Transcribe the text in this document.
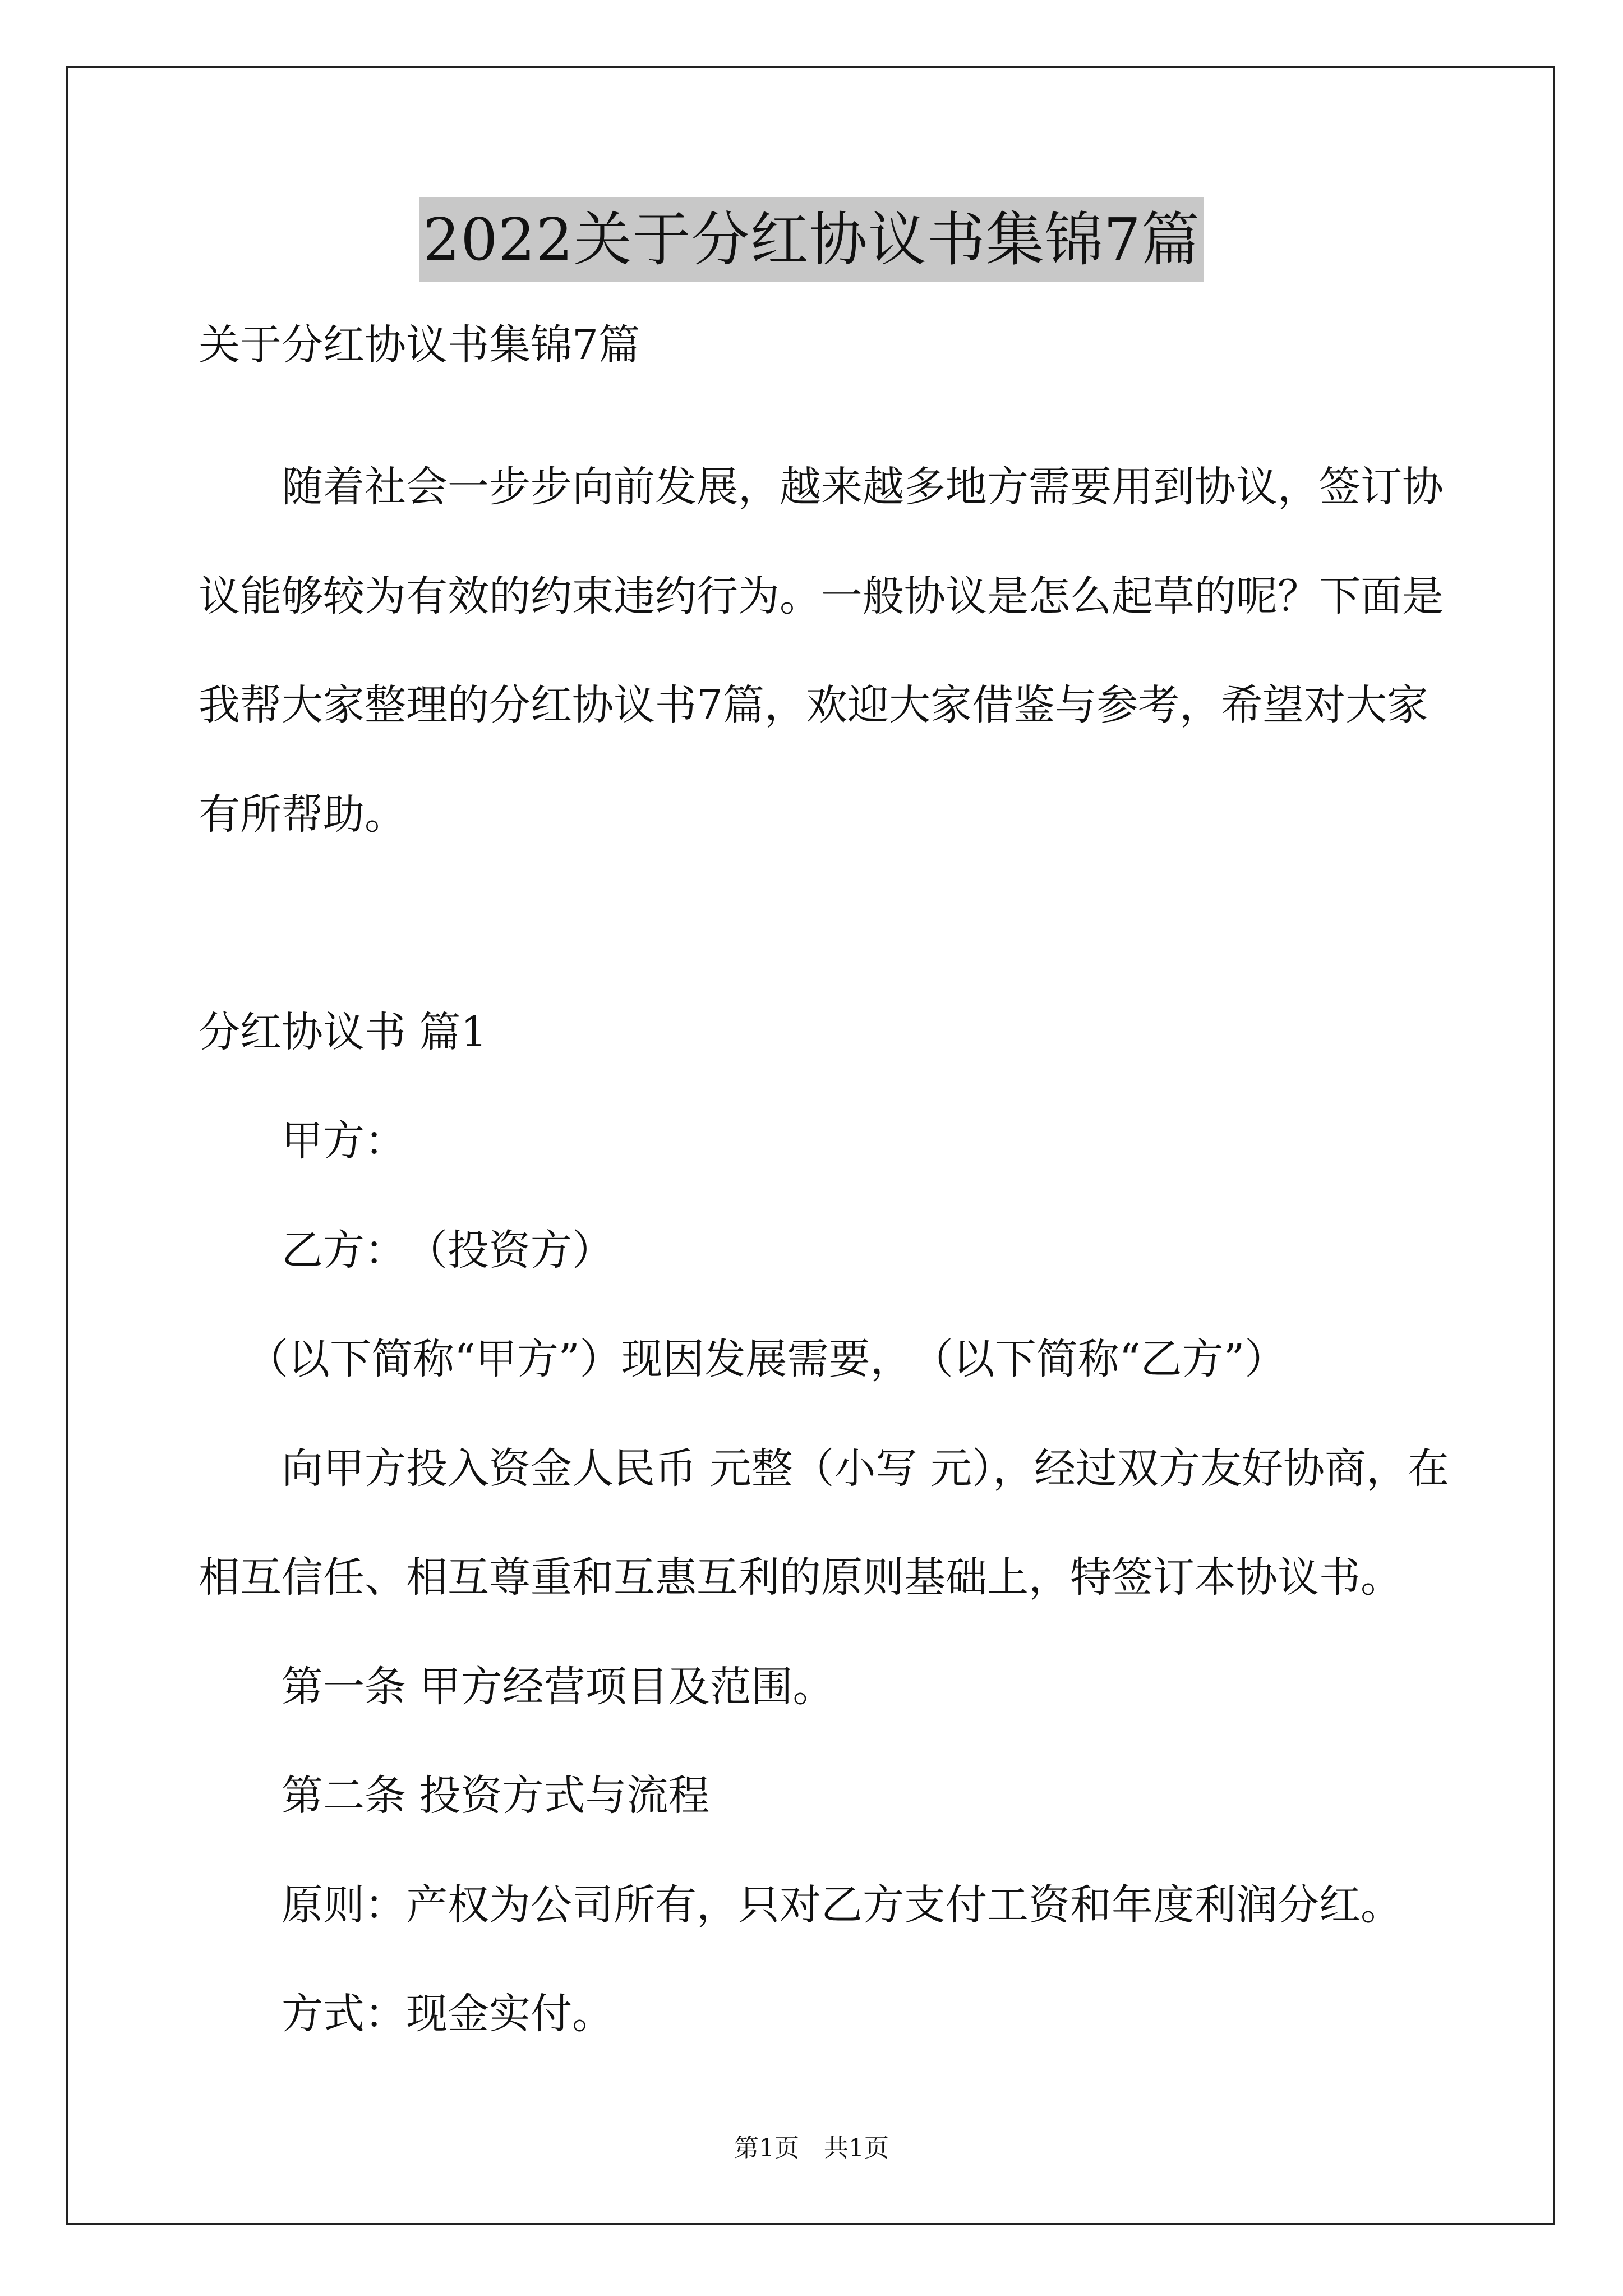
2022关于分红协议书集锦7篇
关于分红协议书集锦7篇
随着社会一步步向前发展，越来越多地方需要用到协议，签订协
议能够较为有效的约束违约行为。一般协议是怎么起草的呢？下面是
我帮大家整理的分红协议书7篇，欢迎大家借鉴与参考，希望对大家
有所帮助。
分红协议书 篇1
甲方：
乙方：　（投资方）
（以下简称“甲方”）现因发展需要，　（以下简称“乙方”）
向甲方投入资金人民币 元整（小写 元），经过双方友好协商，在
相互信任、相互尊重和互惠互利的原则基础上，特签订本协议书。
第一条 甲方经营项目及范围。
第二条 投资方式与流程
原则：产权为公司所有，只对乙方支付工资和年度利润分红。
方式：现金实付。
第1页　共1页
